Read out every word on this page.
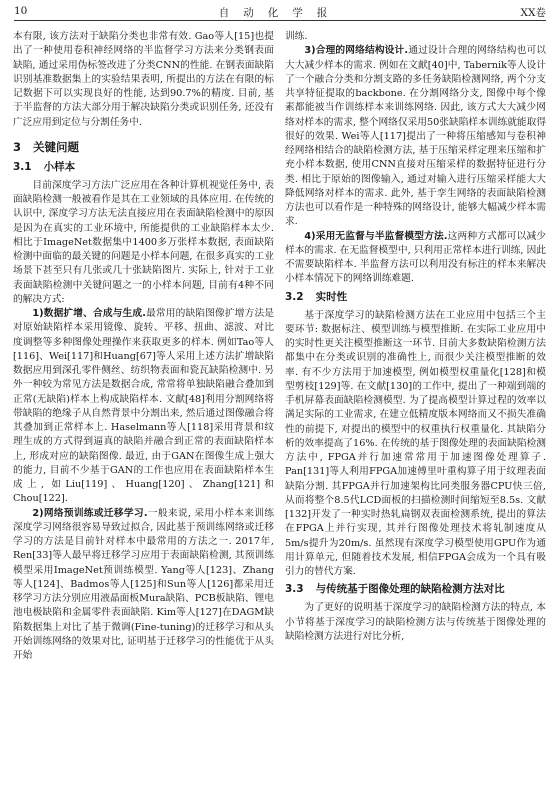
10	自动化学报	XX卷

本有限, 该方法对于缺陷分类也非常有效. Gao等人[15]也提出了一种使用卷积神经网络的半监督学习方法来分类钢表面缺陷, 通过采用伪标签改进了分类CNN的性能. 在钢表面缺陷识别基准数据集上的实验结果表明, 所提出的方法在有限的标记数据下可以实现良好的性能, 达到90.7%的精度. 目前, 基于半监督的方法大部分用于解决缺陷分类或识别任务, 还没有广泛应用到定位与分割任务中.

3 关键问题
3.1 小样本

目前深度学习方法广泛应用在各种计算机视觉任务中, 表面缺陷检测一般被看作是其在工业领域的具体应用. 在传统的认识中, 深度学习方法无法直接应用在表面缺陷检测中的原因是因为在真实的工业环境中, 所能提供的工业缺陷样本太少. 相比于ImageNet数据集中1400多万张样本数据, 表面缺陷检测中面临的最关键的问题是小样本问题, 在很多真实的工业场景下甚至只有几张或几十张缺陷图片. 实际上, 针对于工业表面缺陷检测中关键问题之一的小样本问题, 目前有4种不同的解决方式:

1)数据扩增、合成与生成.最常用的缺陷图像扩增方法是对原始缺陷样本采用镜像、旋转、平移、扭曲、滤波、对比度调整等多种图像处理操作来获取更多的样本. 例如Tao等人[116]、Wei[117]和Huang[67]等人采用上述方法扩增缺陷数据应用到深孔零件侧丝、纺织物表面和瓷瓦缺陷检测中. 另外一种较为常见方法是数据合成, 常常将单独缺陷融合叠加到正常(无缺陷)样本上构成缺陷样本. 文献[48]利用分割网络将带缺陷的绝缘子从自然背景中分割出来, 然后通过图像融合将其叠加到正常样本上. Haselmann等人[118]采用背景和纹理生成的方式得到逼真的缺陷并融合到正常的表面缺陷样本上, 形成对应的缺陷图像. 最近, 由于GAN在图像生成上强大的能力, 目前不少基于GAN的工作也应用在表面缺陷样本生成上, 如Liu[119]、Huang[120]、Zhang[121]和Chou[122].

2)网络预训练或迁移学习.一般来说, 采用小样本来训练深度学习网络很容易导致过拟合, 因此基于预训练网络或迁移学习的方法是目前针对样本中最常用的方法之一. 2017年, Ren[33]等人最早将迁移学习应用于表面缺陷检测, 其预训练模型采用ImageNet预训练模型. Yang等人[123]、Zhang等人[124]、Badmos等人[125]和Sun等人[126]都采用迁移学习方法分别应用液晶面板Mura缺陷、PCB板缺陷、锂电池电极缺陷和金属零件表面缺陷. Kim等人[127]在DAGM缺陷数据集上对比了基于微调(Fine-tuning)的迁移学习和从头开始训练网络的效果对比, 证明基于迁移学习的性能优于从头开始

训练.

3)合理的网络结构设计.通过设计合理的网络结构也可以大大减少样本的需求. 例如在文献[40]中, Tabernik等人设计了一个融合分类和分割支路的多任务缺陷检测网络, 两个分支共享特征提取的backbone. 在分割网络分支, 图像中每个像素都能被当作训练样本来训练网络. 因此, 该方式大大减少网络对样本的需求, 整个网络仅采用50张缺陷样本训练就能取得很好的效果. Wei等人[117]提出了一种将压缩感知与卷积神经网络相结合的缺陷检测方法, 基于压缩采样定理来压缩和扩充小样本数据, 使用CNN直接对压缩采样的数据特征进行分类. 相比于原始的图像输入, 通过对输入进行压缩采样能大大降低网络对样本的需求. 此外, 基于孪生网络的表面缺陷检测方法也可以看作是一种特殊的网络设计, 能够大幅减少样本需求.

4)采用无监督与半监督模型方法.这两种方式都可以减少样本的需求. 在无监督模型中, 只利用正常样本进行训练, 因此不需要缺陷样本. 半监督方法可以利用没有标注的样本来解决小样本情况下的网络训练难题.

3.2 实时性

基于深度学习的缺陷检测方法在工业应用中包括三个主要环节: 数据标注、模型训练与模型推断. 在实际工业应用中的实时性更关注模型推断这一环节. 目前大多数缺陷检测方法都集中在分类或识别的准确性上, 而很少关注模型推断的效率. 有不少方法用于加速模型, 例如模型权重量化[128]和模型剪枝[129]等. 在文献[130]的工作中, 提出了一种端到端的手机屏幕表面缺陷检测模型. 为了提高模型计算过程的效率以满足实际的工业需求, 在建立低精度版本网络而又不损失准确性的前提下, 对提出的模型中的权重执行权重量化. 其缺陷分析的效率提高了16%. 在传统的基于图像处理的表面缺陷检测方法中, FPGA并行加速常常用于加速图像处理算子. Pan[131]等人利用FPGA加速傅里叶重构算子用于纹理表面缺陷分割. 其FPGA并行加速架构比同类服务器CPU快三倍, 从而将整个8.5代LCD面板的扫描检测时间缩短至8.5s. 文献[132]开发了一种实时热轧扁钢双表面检测系统, 提出的算法在FPGA上并行实现, 其并行图像处理技术将轧制速度从5m/s提升为20m/s. 虽然现有深度学习模型使用GPU作为通用计算单元, 但随着技术发展, 相信FPGA会成为一个具有吸引力的替代方案.

3.3 与传统基于图像处理的缺陷检测方法对比

为了更好的说明基于深度学习的缺陷检测方法的特点, 本小节将基于深度学习的缺陷检测方法与传统基于图像处理的缺陷检测方法进行对比分析,
